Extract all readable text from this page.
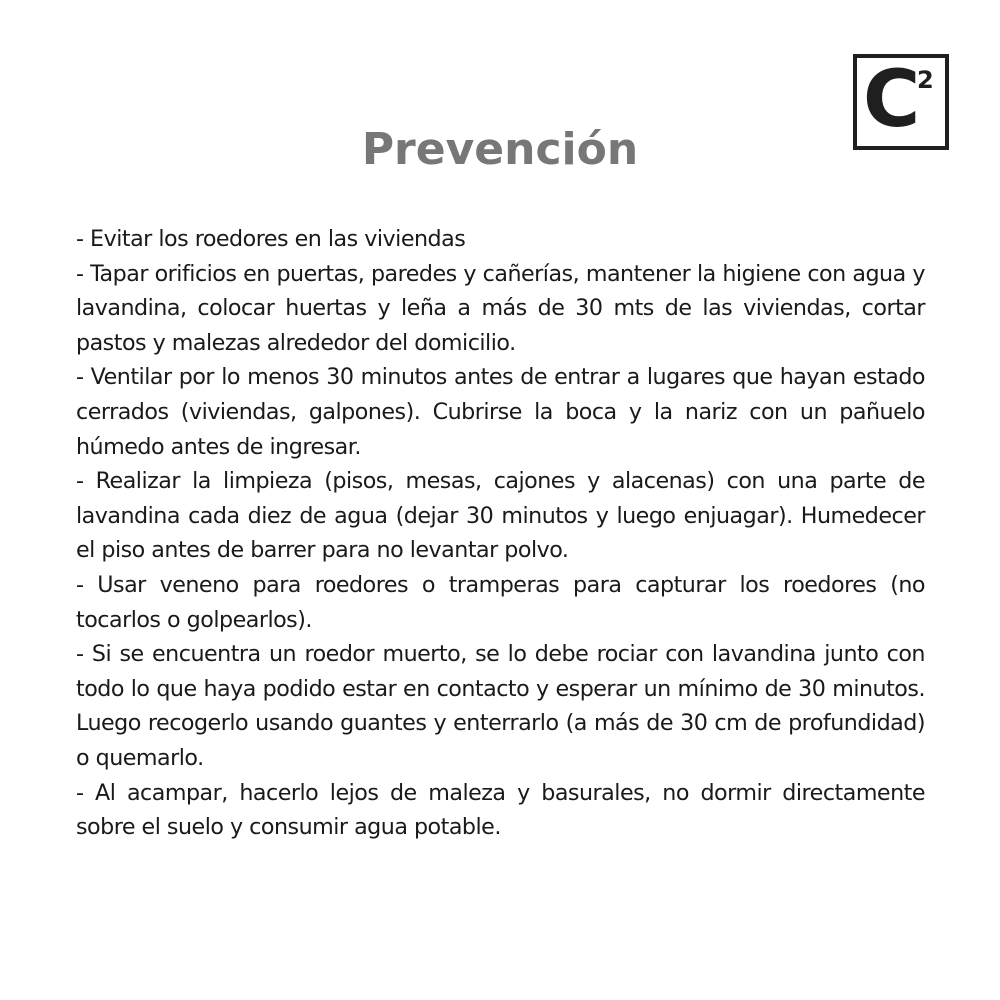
C
2
Prevención
- Evitar los roedores en las viviendas
- Tapar orificios en puertas, paredes y cañerías, mantener la higiene con agua y lavandina, colocar huertas y leña a más de 30 mts de las viviendas, cortar pastos y malezas alrededor del domicilio.
- Ventilar por lo menos 30 minutos antes de entrar a lugares que hayan estado cerrados (viviendas, galpones). Cubrirse la boca y la nariz con un pañuelo húmedo antes de ingresar.
- Realizar la limpieza (pisos, mesas, cajones y alacenas) con una parte de lavandina cada diez de agua (dejar 30 minutos y luego enjuagar). Humedecer el piso antes de barrer para no levantar polvo.
- Usar veneno para roedores o tramperas para capturar los roedores (no tocarlos o golpearlos).
- Si se encuentra un roedor muerto, se lo debe rociar con lavandina junto con todo lo que haya podido estar en contacto y esperar un mínimo de 30 minutos. Luego recogerlo usando guantes y enterrarlo (a más de 30 cm de profundidad) o quemarlo.
- Al acampar, hacerlo lejos de maleza y basurales, no dormir directamente sobre el suelo y consumir agua potable.
